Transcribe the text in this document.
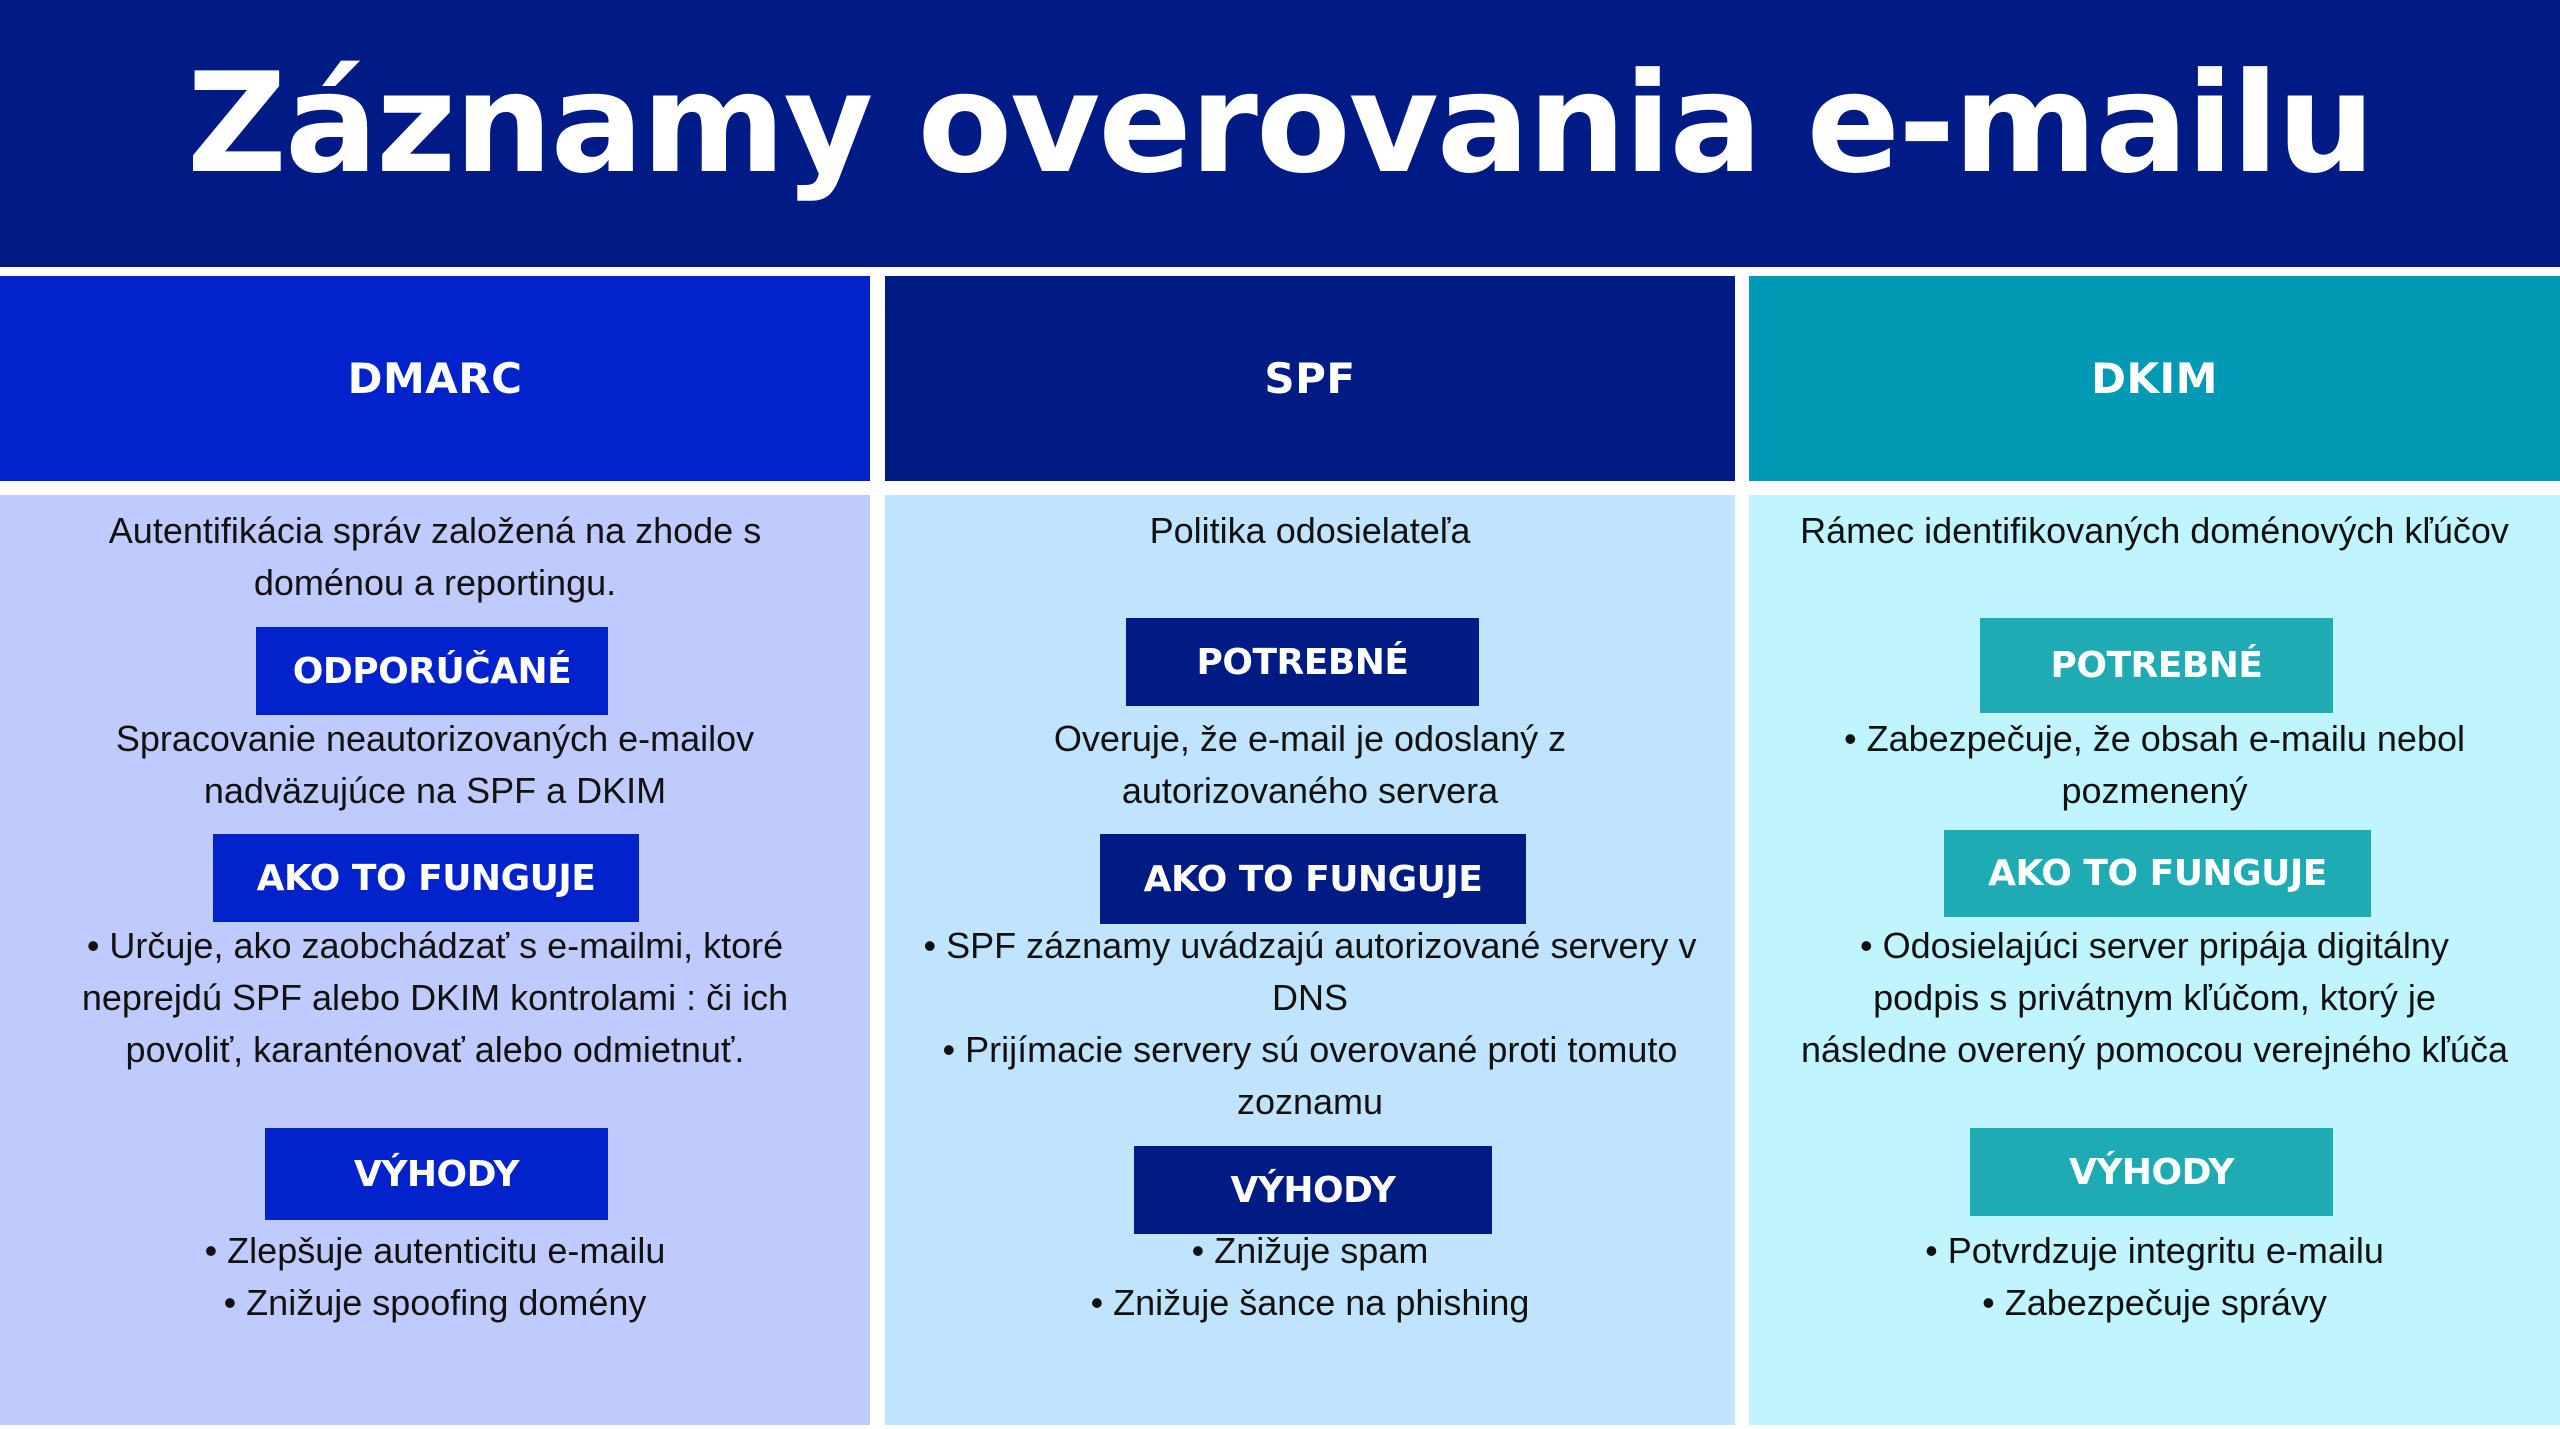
Záznamy overovania e-mailu
DMARC	SPF	DKIM

Autentifikácia správ založená na zhode s

doménou a reportingu.

ODPORÚČANÉ

Spracovanie neautorizovaných e-mailov

nadväzujúce na SPF a DKIM

AKO TO FUNGUJE

• Určuje, ako zaobchádzať s e-mailmi, ktoré

neprejdú SPF alebo DKIM kontrolami : či ich

povoliť, karanténovať alebo odmietnuť.

VÝHODY

• Zlepšuje autenticitu e-mailu

• Znižuje spoofing domény

Politika odosielateľa

POTREBNÉ

Overuje, že e-mail je odoslaný z

autorizovaného servera

AKO TO FUNGUJE

• SPF záznamy uvádzajú autorizované servery v

DNS

• Prijímacie servery sú overované proti tomuto

zoznamu

VÝHODY

• Znižuje spam

• Znižuje šance na phishing

Rámec identifikovaných doménových kľúčov

POTREBNÉ

• Zabezpečuje, že obsah e-mailu nebol

pozmenený

AKO TO FUNGUJE

• Odosielajúci server pripája digitálny

podpis s privátnym kľúčom, ktorý je

následne overený pomocou verejného kľúča

VÝHODY

• Potvrdzuje integritu e-mailu

• Zabezpečuje správy
